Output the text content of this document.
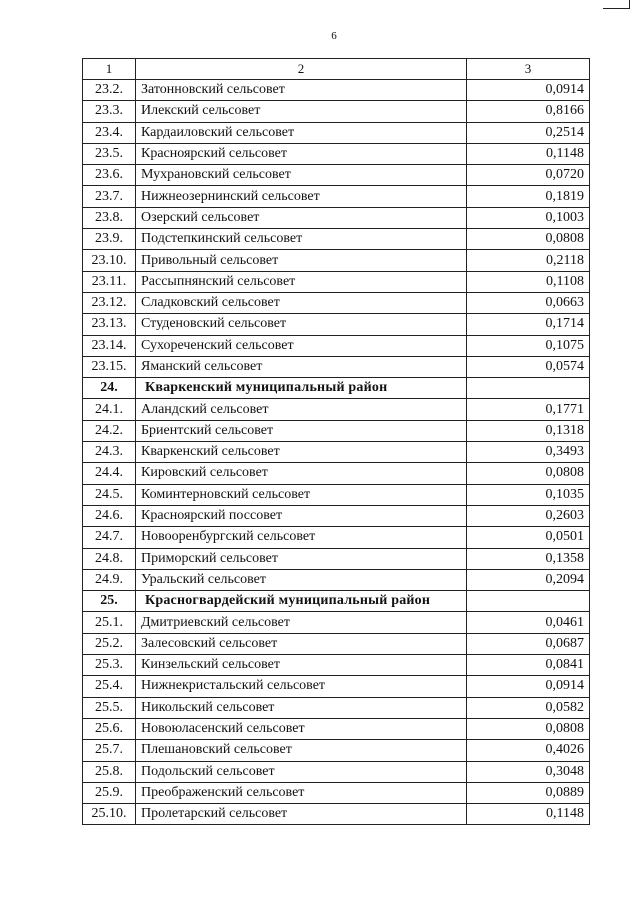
6
1	2	3
23.2.	Затонновский сельсовет	0,0914
23.3.	Илекский сельсовет	0,8166
23.4.	Кардаиловский сельсовет	0,2514
23.5.	Красноярский сельсовет	0,1148
23.6.	Мухрановский сельсовет	0,0720
23.7.	Нижнеозернинский сельсовет	0,1819
23.8.	Озерский сельсовет	0,1003
23.9.	Подстепкинский сельсовет	0,0808
23.10.	Привольный сельсовет	0,2118
23.11.	Рассыпнянский сельсовет	0,1108
23.12.	Сладковский сельсовет	0,0663
23.13.	Студеновский сельсовет	0,1714
23.14.	Сухореченский сельсовет	0,1075
23.15.	Яманский сельсовет	0,0574
24.	Кваркенский муниципальный район	
24.1.	Аландский сельсовет	0,1771
24.2.	Бриентский сельсовет	0,1318
24.3.	Кваркенский сельсовет	0,3493
24.4.	Кировский сельсовет	0,0808
24.5.	Коминтерновский сельсовет	0,1035
24.6.	Красноярский поссовет	0,2603
24.7.	Новооренбургский сельсовет	0,0501
24.8.	Приморский сельсовет	0,1358
24.9.	Уральский сельсовет	0,2094
25.	Красногвардейский муниципальный район	
25.1.	Дмитриевский сельсовет	0,0461
25.2.	Залесовский сельсовет	0,0687
25.3.	Кинзельский сельсовет	0,0841
25.4.	Нижнекристальский сельсовет	0,0914
25.5.	Никольский сельсовет	0,0582
25.6.	Новоюласенский сельсовет	0,0808
25.7.	Плешановский сельсовет	0,4026
25.8.	Подольский сельсовет	0,3048
25.9.	Преображенский сельсовет	0,0889
25.10.	Пролетарский сельсовет	0,1148
